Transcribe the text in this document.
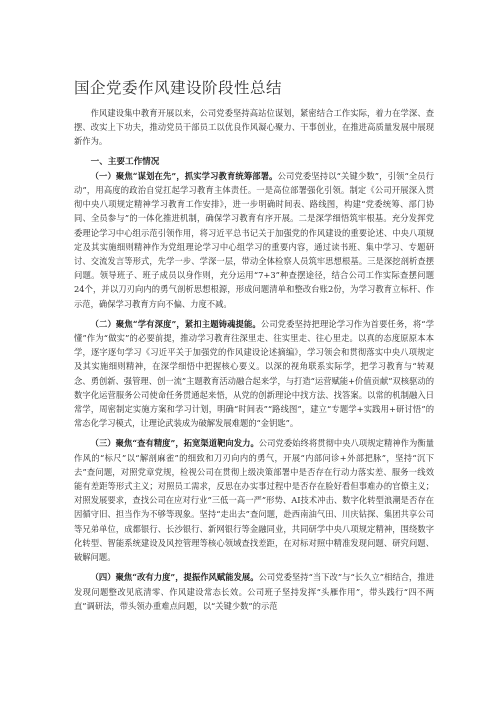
国企党委作风建设阶段性总结

作风建设集中教育开展以来，公司党委坚持高站位谋划，紧密结合工作实际，着力在学深、查摆、改实上下功夫，推动党员干部员工以优良作风凝心聚力、干事创业，在推进高质量发展中展现新作为。

一、主要工作情况

（一）聚焦“谋划在先”，抓实学习教育统筹部署。公司党委坚持以“关键少数”，引领“全员行动”，用高度的政治自觉扛起学习教育主体责任。一是高位部署强化引领。制定《公司开展深入贯彻中央八项规定精神学习教育工作安排》，进一步明确时间表、路线图，构建“党委统筹、部门协同、全员参与”的一体化推进机制，确保学习教育有序开展。二是深学细悟筑牢根基。充分发挥党委理论学习中心组示范引领作用，将习近平总书记关于加强党的作风建设的重要论述、中央八项规定及其实施细则精神作为党组理论学习中心组学习的重要内容，通过读书班、集中学习、专题研讨、交流发言等形式，先学一步、学深一层，带动全体检察人员筑牢思想根基。三是深挖剖析查摆问题。领导班子、班子成员以身作则，充分运用“7+3”种查摆途径，结合公司工作实际查摆问题24个，并以刀刃向内的勇气剖析思想根源，形成问题清单和整改台账2份，为学习教育立标杆、作示范，确保学习教育方向不偏、力度不减。

（二）聚焦“学有深度”，紧扣主题铸魂提能。公司党委坚持把理论学习作为首要任务，将“学懂”作为“做实”的必要前提，推动学习教育往深里走、往实里走、往心里走。以真的态度原原本本学，逐字逐句学习《习近平关于加强党的作风建设论述摘编》，学习领会和贯彻落实中央八项规定及其实施细则精神，在深学细悟中把握核心要义。以深的视角联系实际学，把学习教育与“转观念、勇创新、强管理、创一流”主题教育活动融合起来学，与打造“运营赋能+价值贡献”双核驱动的数字化运营服务公司使命任务贯通起来悟，从党的创新理论中找方法、找答案。以常的机制融入日常学，周密制定实施方案和学习计划，明确“时间表”“路线图”，建立“专题学+实践用+研讨悟”的常态化学习模式，让理论武装成为破解发展难题的“金钥匙”。

（三）聚焦“查有精度”，拓宽渠道靶向发力。公司党委始终将贯彻中央八项规定精神作为衡量作风的“标尺”以“解剖麻雀”的细致和刀刃向内的勇气，开展“内部问诊+外部把脉”，坚持“沉下去”查问题，对照党章党规，检视公司在贯彻上级决策部署中是否存在行动力落实差、服务一线效能有差距等形式主义；对照员工需求，反思在办实事过程中是否存在脸好看但事难办的官僚主义；对照发展要求，查找公司在应对行业“三低一高一严”形势、AI技术冲击、数字化转型浪潮是否存在因循守旧、担当作为不够等现象。坚持“走出去”查问题，赴西南油气田、川庆钻探、集团共享公司等兄弟单位，成都银行、长沙银行、新网银行等金融同业，共同研学中央八项规定精神，围绕数字化转型、智能系统建设及风控管理等核心领域查找差距，在对标对照中精准发现问题、研究问题、破解问题。

（四）聚焦“改有力度”，提振作风赋能发展。公司党委坚持“当下改”与“长久立”相结合，推进发现问题整改见底清零、作风建设常态长效。公司班子坚持发挥“头雁作用”，带头践行“四不两直”调研法，带头领办重难点问题，以“关键少数”的示范
